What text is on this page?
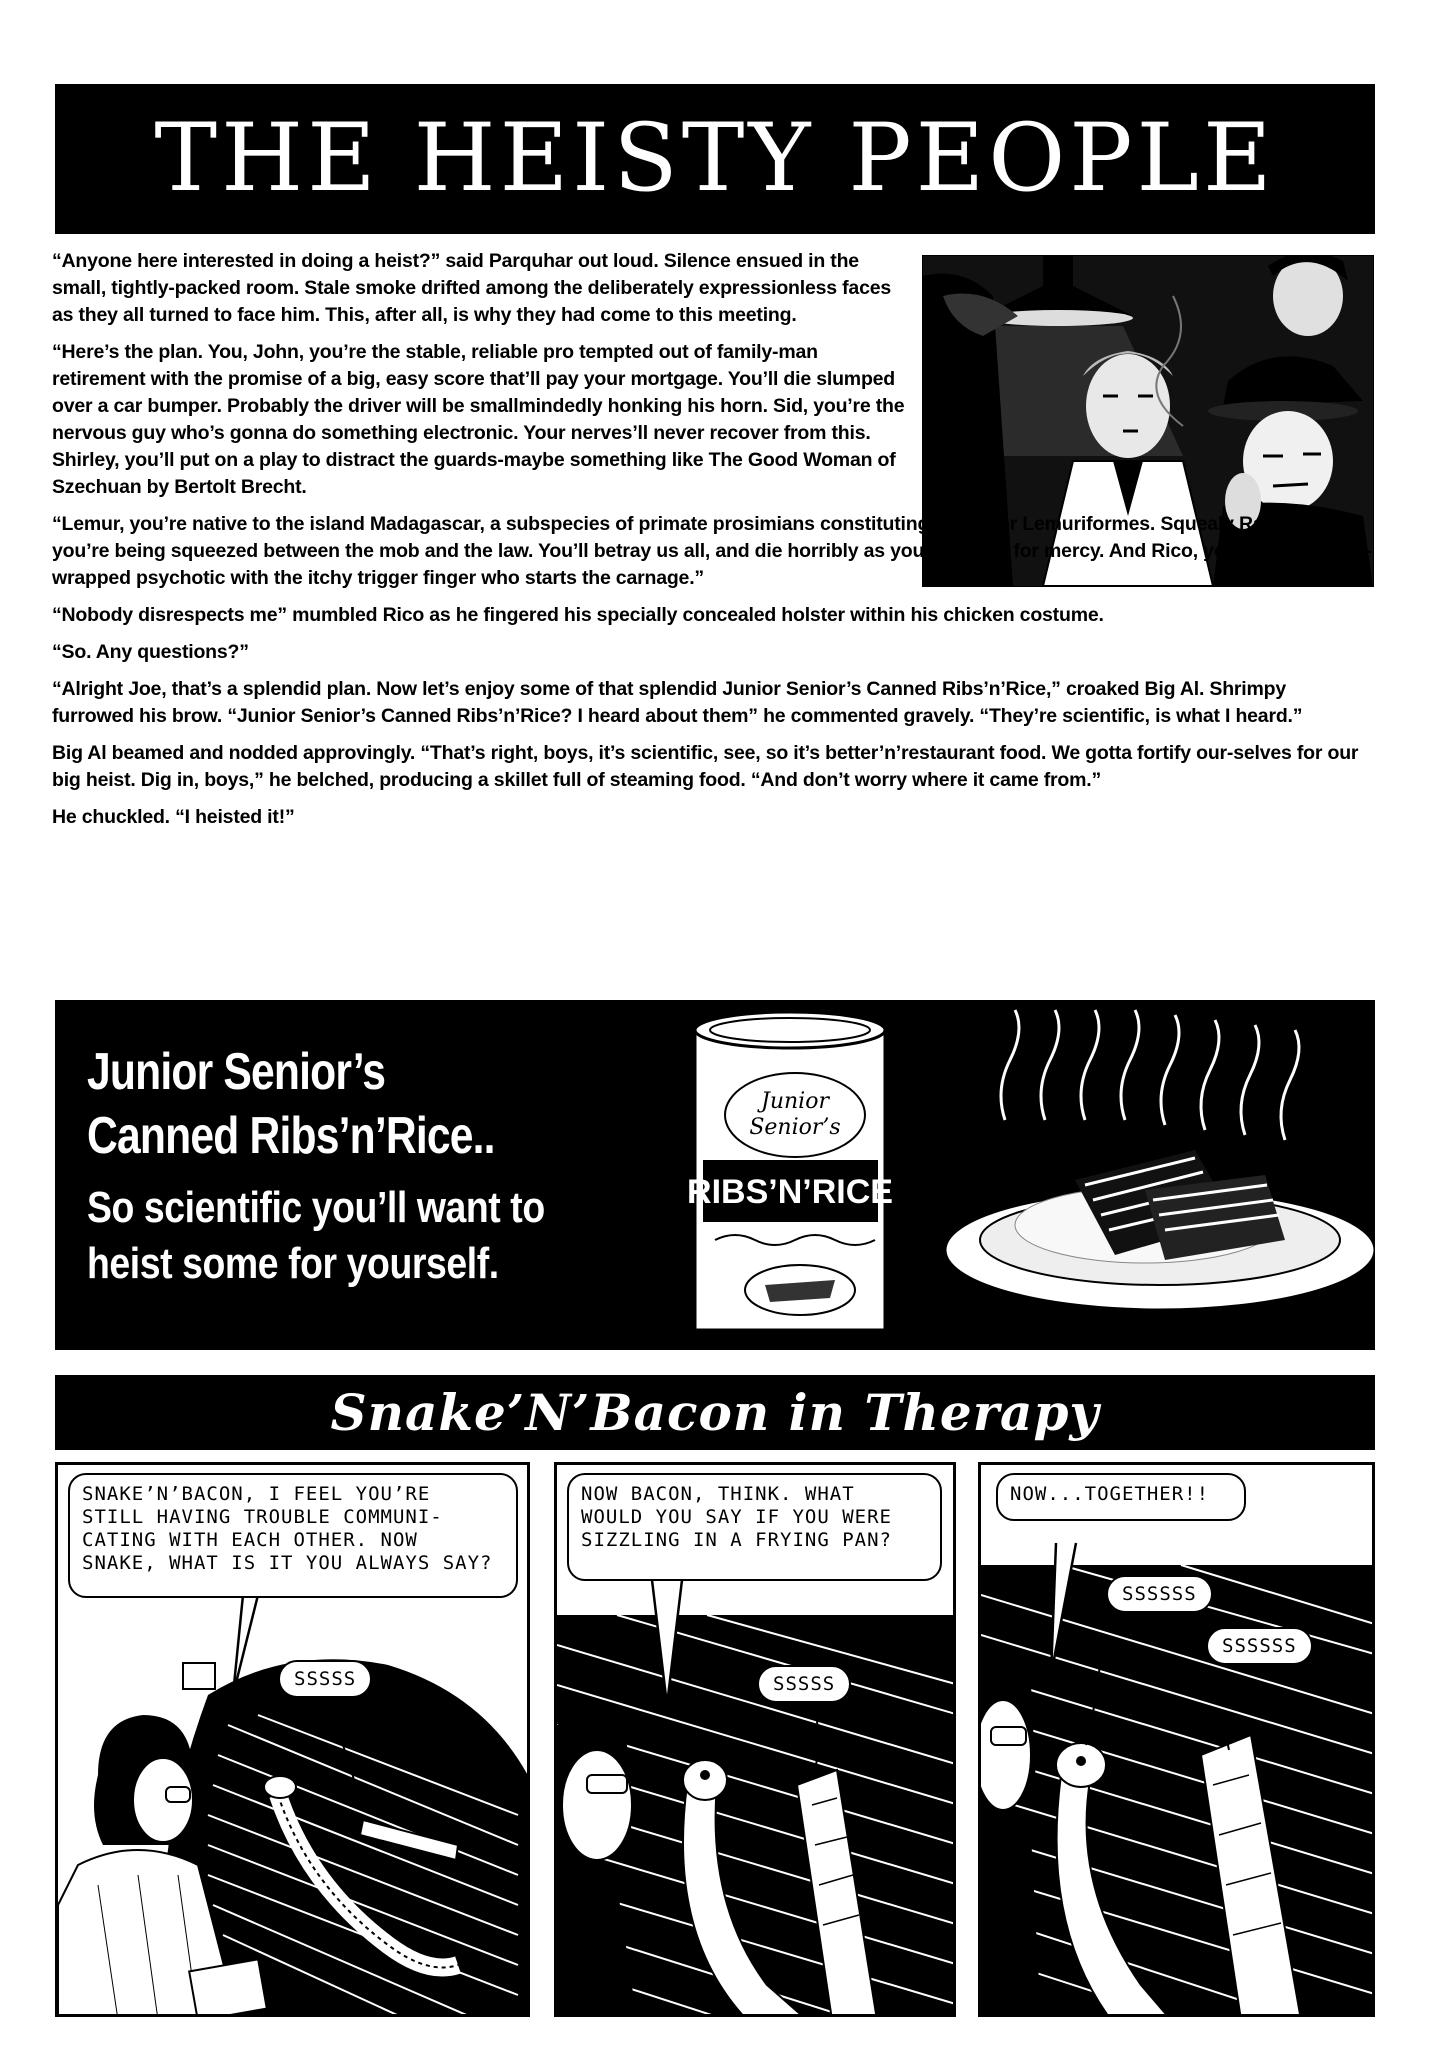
THE HEISTY PEOPLE

“Anyone here interested in doing a heist?” said Parquhar out loud. Silence ensued in the small, tightly-packed room. Stale smoke drifted among the deliberately expressionless faces as they all turned to face him. This, after all, is why they had come to this meeting.

“Here’s the plan. You, John, you’re the stable, reliable pro tempted out of family-man retirement with the promise of a big, easy score that’ll pay your mortgage. You’ll die slumped over a car bumper. Probably the driver will be smallmindedly honking his horn. Sid, you’re the nervous guy who’s gonna do something electronic. Your nerves’ll never recover from this. Shirley, you’ll put on a play to distract the guards-maybe something like The Good Woman of Szechuan by Bertolt Brecht.

“Lemur, you’re native to the island Madagascar, a subspecies of primate prosimians constituting the order Lemuriformes. Squealy Ratzinger, you’re being squeezed between the mob and the law. You’ll betray us all, and die horribly as you whimper for mercy. And Rico, you’re the loosely-wrapped psychotic with the itchy trigger finger who starts the carnage.”

“Nobody disrespects me” mumbled Rico as he fingered his specially concealed holster within his chicken costume.

“So. Any questions?”

“Alright Joe, that’s a splendid plan. Now let’s enjoy some of that splendid Junior Senior’s Canned Ribs’n’Rice,” croaked Big Al. Shrimpy furrowed his brow. “Junior Senior’s Canned Ribs’n’Rice? I heard about them” he commented gravely. “They’re scientific, is what I heard.”

Big Al beamed and nodded approvingly. “That’s right, boys, it’s scientific, see, so it’s better’n’restaurant food. We gotta fortify our-selves for our big heist. Dig in, boys,” he belched, producing a skillet full of steaming food. “And don’t worry where it came from.”

He chuckled. “I heisted it!”

Junior Senior’s
Canned Ribs’n’Rice..
So scientific you’ll want to
heist some for yourself.
Junior
Senior’s
RIBS’N’RICE
Snake’N’Bacon in Therapy
SNAKE’N’BACON, I FEEL YOU’RE STILL HAVING TROUBLE COMMUNI-CATING WITH EACH OTHER. NOW SNAKE, WHAT IS IT YOU ALWAYS SAY?
SSSSS
NOW BACON, THINK. WHAT WOULD YOU SAY IF YOU WERE SIZZLING IN A FRYING PAN?
SSSSS
NOW...TOGETHER!!
SSSSSS
SSSSSS
